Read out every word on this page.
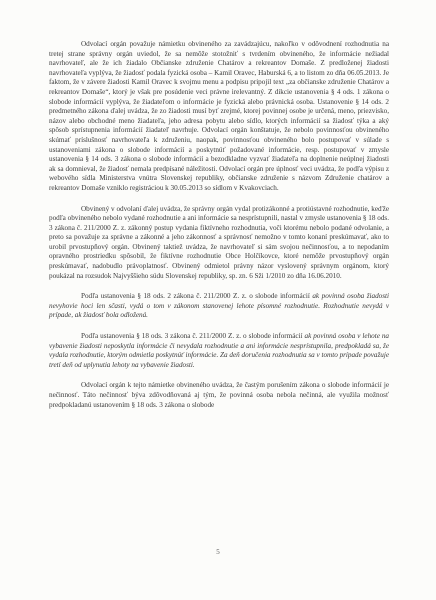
Odvolací orgán považuje námietku obvineného za zavádzajúcu, nakoľko v odôvodnení rozhodnutia na tretej strane správny orgán uviedol, že sa nemôže stotožniť s tvrdením obvineného, že informácie nežiadal navrhovateľ, ale že ich žiadalo Občianske združenie Chatárov a rekreantov Domaše. Z predloženej žiadosti navrhovateľa vyplýva, že žiadosť podala fyzická osoba – Kamil Oravec, Haburská 6, a to listom zo dňa 06.05.2013. Je faktom, že v závere žiadosti Kamil Oravec k svojmu menu a podpisu pripojil text „za občianske združenie Chatárov a rekreantov Domaše“, ktorý je však pre posúdenie veci právne irelevantný. Z dikcie ustanovenia § 4 ods. 1 zákona o slobode informácií vyplýva, že žiadateľom o informácie je fyzická alebo právnická osoba. Ustanovenie § 14 ods. 2 predmetného zákona ďalej uvádza, že zo žiadosti musí byť zrejmé, ktorej povinnej osobe je určená, meno, priezvisko, názov alebo obchodné meno žiadateľa, jeho adresa pobytu alebo sídlo, ktorých informácií sa žiadosť týka a aký spôsob sprístupnenia informácií žiadateľ navrhuje. Odvolací orgán konštatuje, že nebolo povinnosťou obvineného skúmať príslušnosť navrhovateľa k združeniu, naopak, povinnosťou obvineného bolo postupovať v súlade s ustanoveniami zákona o slobode informácií a poskytnúť požadované informácie, resp. postupovať v zmysle ustanovenia § 14 ods. 3 zákona o slobode informácií a bezodkladne vyzvať žiadateľa na doplnenie neúplnej žiadosti ak sa domnieval, že žiadosť nemala predpísané náležitosti. Odvolací orgán pre úplnosť veci uvádza, že podľa výpisu z webového sídla Ministerstva vnútra Slovenskej republiky, občianske združenie s názvom Združenie chatárov a rekreantov Domaše vzniklo registráciou k 30.05.2013 so sídlom v Kvakovciach.

Obvinený v odvolaní ďalej uvádza, že správny orgán vydal protizákonné a protiústavné rozhodnutie, keďže podľa obvineného nebolo vydané rozhodnutie a ani informácie sa nesprístupnili, nastal v zmysle ustanovenia § 18 ods. 3 zákona č. 211/2000 Z. z. zákonný postup vydania fiktívneho rozhodnutia, voči ktorému nebolo podané odvolanie, a preto sa považuje za správne a zákonné a jeho zákonnosť a správnosť nemožno v tomto konaní preskúmavať, ako to urobil prvostupňový orgán. Obvinený taktiež uvádza, že navrhovateľ si sám svojou nečinnosťou, a to nepodaním opravného prostriedku spôsobil, že fiktívne rozhodnutie Obce Holčíkovce, ktoré nemôže prvostupňový orgán preskúmavať, nadobudlo právoplatnosť. Obvinený odmietol právny názor vyslovený správnym orgánom, ktorý poukázal na rozsudok Najvyššieho súdu Slovenskej republiky, sp. zn. 6 Sži 1/2010 zo dňa 16.06.2010.

Podľa ustanovenia § 18 ods. 2 zákona č. 211/2000 Z. z. o slobode informácií ak povinná osoba žiadosti nevyhovie hoci len sčasti, vydá o tom v zákonom stanovenej lehote písomné rozhodnutie. Rozhodnutie nevydá v prípade, ak žiadosť bola odložená.

Podľa ustanovenia § 18 ods. 3 zákona č. 211/2000 Z. z. o slobode informácií ak povinná osoba v lehote na vybavenie žiadosti neposkytla informácie či nevydala rozhodnutie a ani informácie nesprístupnila, predpokladá sa, že vydala rozhodnutie, ktorým odmietla poskytnúť informácie. Za deň doručenia rozhodnutia sa v tomto prípade považuje tretí deň od uplynutia lehoty na vybavenie žiadosti.

Odvolací orgán k tejto námietke obvineného uvádza, že častým porušením zákona o slobode informácií je nečinnosť. Táto nečinnosť býva zdôvodňovaná aj tým, že povinná osoba nebola nečinná, ale využila možnosť predpokladanú ustanovením § 18 ods. 3 zákona o slobode

5
